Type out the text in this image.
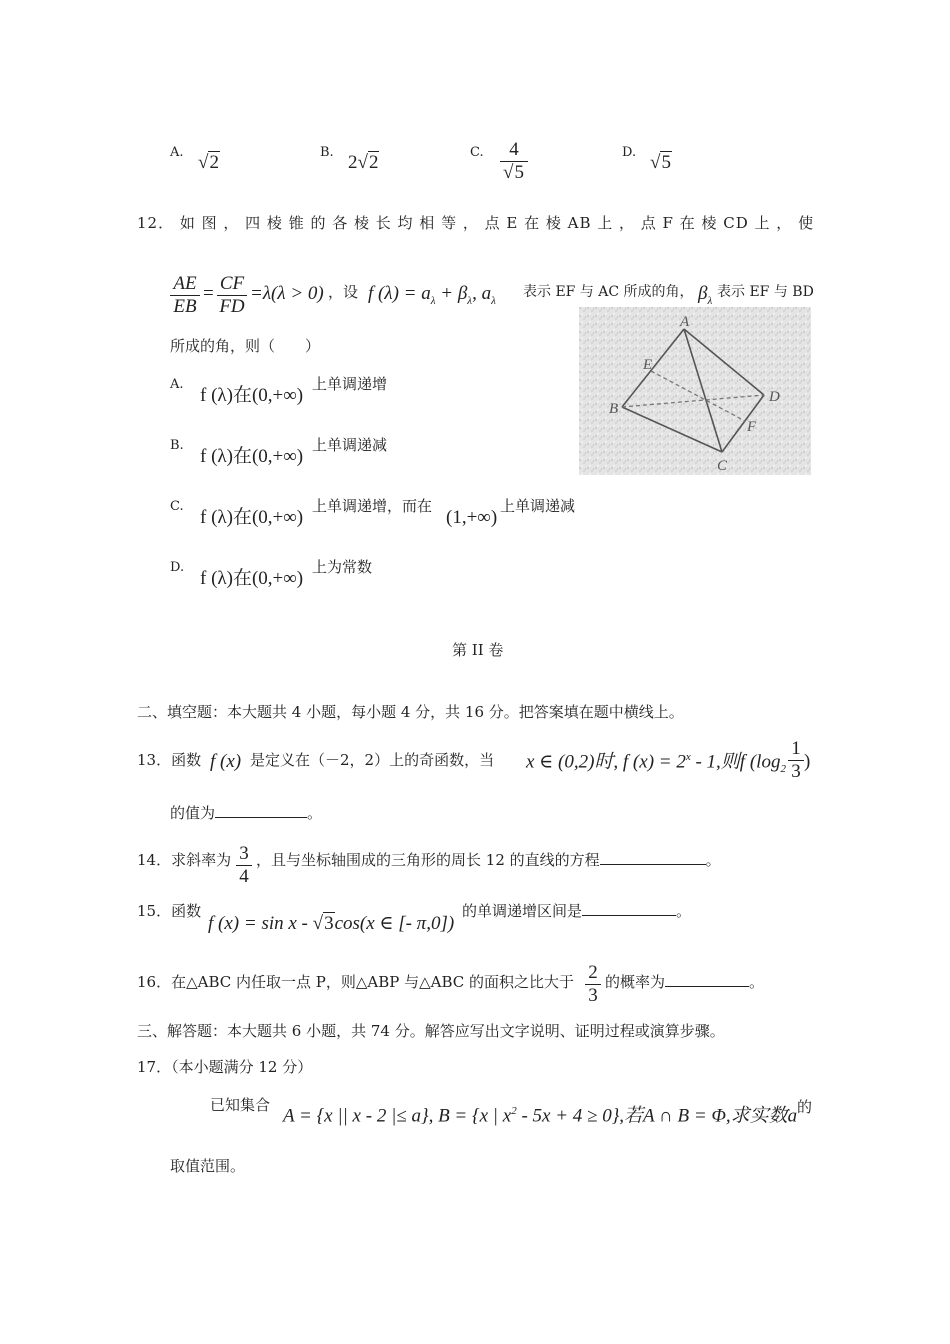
A. √2	B. 2√2	C. $\frac{4}{√5}$	D. √5
12． 如 图 ， 四 棱 锥 的 各 棱 长 均 相 等 ， 点 E 在 棱 AB 上 ， 点 F 在 棱 CD 上 ， 使
$\frac{AE}{EB} \frac{CF}{FD}$
= =λ(λ > 0) ，设 f $(\lambda) = a_\lambda + \beta_\lambda$, $a_\lambda$
表示 EF 与 AC 所成的角， $\beta_\lambda$
表示 EF 与 BD
所成的角，则（　　）
A.
f (λ)在(0,+∞)
上单调递增
B.
f (λ)在(0,+∞)
上单调递减
C.
f (λ)在(0,+∞)
上单调递增，而在
(1,+∞)
上单调递减
D.
f (λ)在(0,+∞)
上为常数
A
B
C
D
E
F
第 II 卷
二、填空题：本大题共 4 小题，每小题 4 分，共 16 分。把答案填在题中横线上。
13．函数 f (x) 是定义在（－2，2）上的奇函数，当 x ∈ (0,2)时, f $(x) = 2^x - 1$,则f ($\log_2 \frac{1}{3}$ )
的值为	。
14．求斜率为 $\frac{3}{4}$ ，且与坐标轴围成的三角形的周长 12 的直线的方程	。
15．函数
f (x) = sin x - √3cos(x ∈ [- π,0])
的单调递增区间是	。
16．在△ABC 内任取一点 P，则△ABP 与△ABC 的面积之比大于 $\frac{2}{3}$ 的概率为	。
三、解答题：本大题共 6 小题，共 74 分。解答应写出文字说明、证明过程或演算步骤。
17．（本小题满分 12 分）
已知集合
A = {x || x - 2 |≤ a}, B = {x | $x^2 - 5x + 4 \ge 0$},若A ∩ B = Φ,求实数a 的
取值范围。
